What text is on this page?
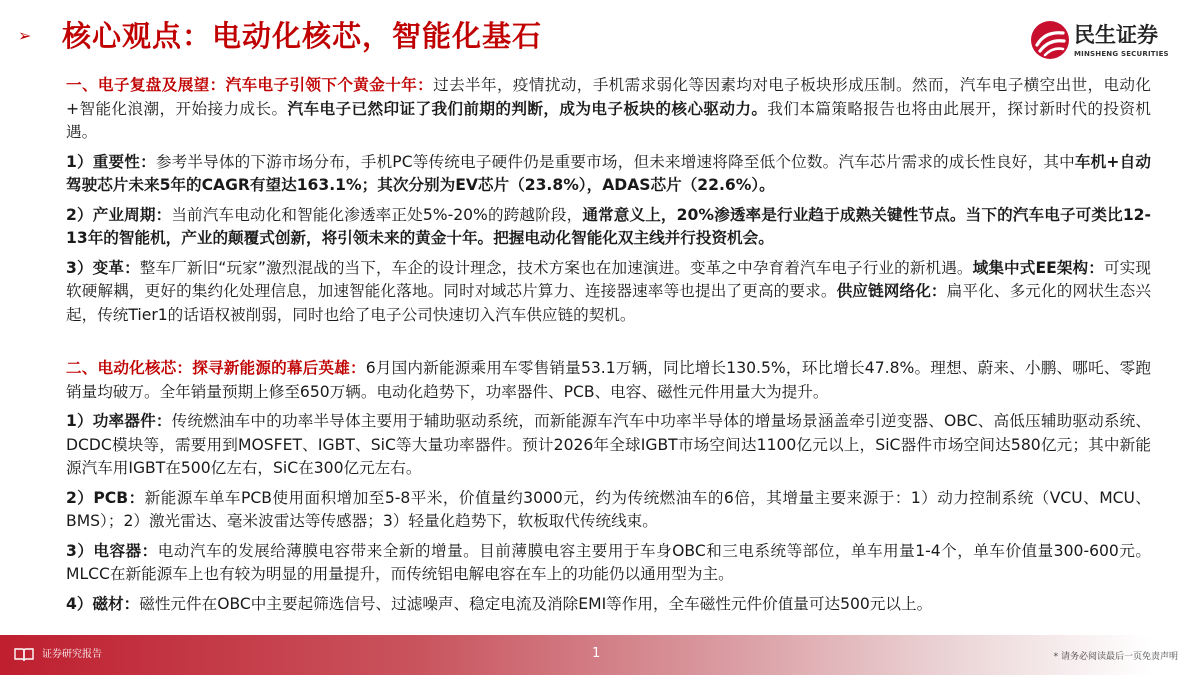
➢ 核心观点：电动化核芯，智能化基石	民生证券
MINSHENG SECURITIES

一、电子复盘及展望：汽车电子引领下个黄金十年：过去半年，疫情扰动，手机需求弱化等因素均对电子板块形成压制。然而，汽车电子横空出世，电动化+智能化浪潮，开始接力成长。汽车电子已然印证了我们前期的判断，成为电子板块的核心驱动力。我们本篇策略报告也将由此展开，探讨新时代的投资机遇。

1）重要性：参考半导体的下游市场分布，手机PC等传统电子硬件仍是重要市场，但未来增速将降至低个位数。汽车芯片需求的成长性良好，其中车机+自动驾驶芯片未来5年的CAGR有望达163.1%；其次分别为EV芯片（23.8%），ADAS芯片（22.6%）。

2）产业周期：当前汽车电动化和智能化渗透率正处5%-20%的跨越阶段，通常意义上，20%渗透率是行业趋于成熟关键性节点。当下的汽车电子可类比12-13年的智能机，产业的颠覆式创新，将引领未来的黄金十年。把握电动化智能化双主线并行投资机会。

3）变革：整车厂新旧“玩家”激烈混战的当下，车企的设计理念，技术方案也在加速演进。变革之中孕育着汽车电子行业的新机遇。域集中式EE架构：可实现软硬解耦，更好的集约化处理信息，加速智能化落地。同时对域芯片算力、连接器速率等也提出了更高的要求。供应链网络化：扁平化、多元化的网状生态兴起，传统Tier1的话语权被削弱，同时也给了电子公司快速切入汽车供应链的契机。

二、电动化核芯：探寻新能源的幕后英雄：6月国内新能源乘用车零售销量53.1万辆，同比增长130.5%，环比增长47.8%。理想、蔚来、小鹏、哪吒、零跑销量均破万。全年销量预期上修至650万辆。电动化趋势下，功率器件、PCB、电容、磁性元件用量大为提升。

1）功率器件：传统燃油车中的功率半导体主要用于辅助驱动系统，而新能源车汽车中功率半导体的增量场景涵盖牵引逆变器、OBC、高低压辅助驱动系统、DCDC模块等，需要用到MOSFET、IGBT、SiC等大量功率器件。预计2026年全球IGBT市场空间达1100亿元以上，SiC器件市场空间达580亿元；其中新能源汽车用IGBT在500亿左右，SiC在300亿元左右。

2）PCB：新能源车单车PCB使用面积增加至5-8平米，价值量约3000元，约为传统燃油车的6倍，其增量主要来源于：1）动力控制系统（VCU、MCU、BMS）；2）激光雷达、毫米波雷达等传感器；3）轻量化趋势下，软板取代传统线束。

3）电容器：电动汽车的发展给薄膜电容带来全新的增量。目前薄膜电容主要用于车身OBC和三电系统等部位，单车用量1-4个，单车价值量300-600元。MLCC在新能源车上也有较为明显的用量提升，而传统铝电解电容在车上的功能仍以通用型为主。

4）磁材：磁性元件在OBC中主要起筛选信号、过滤噪声、稳定电流及消除EMI等作用，全车磁性元件价值量可达500元以上。

证券研究报告	1	* 请务必阅读最后一页免责声明
